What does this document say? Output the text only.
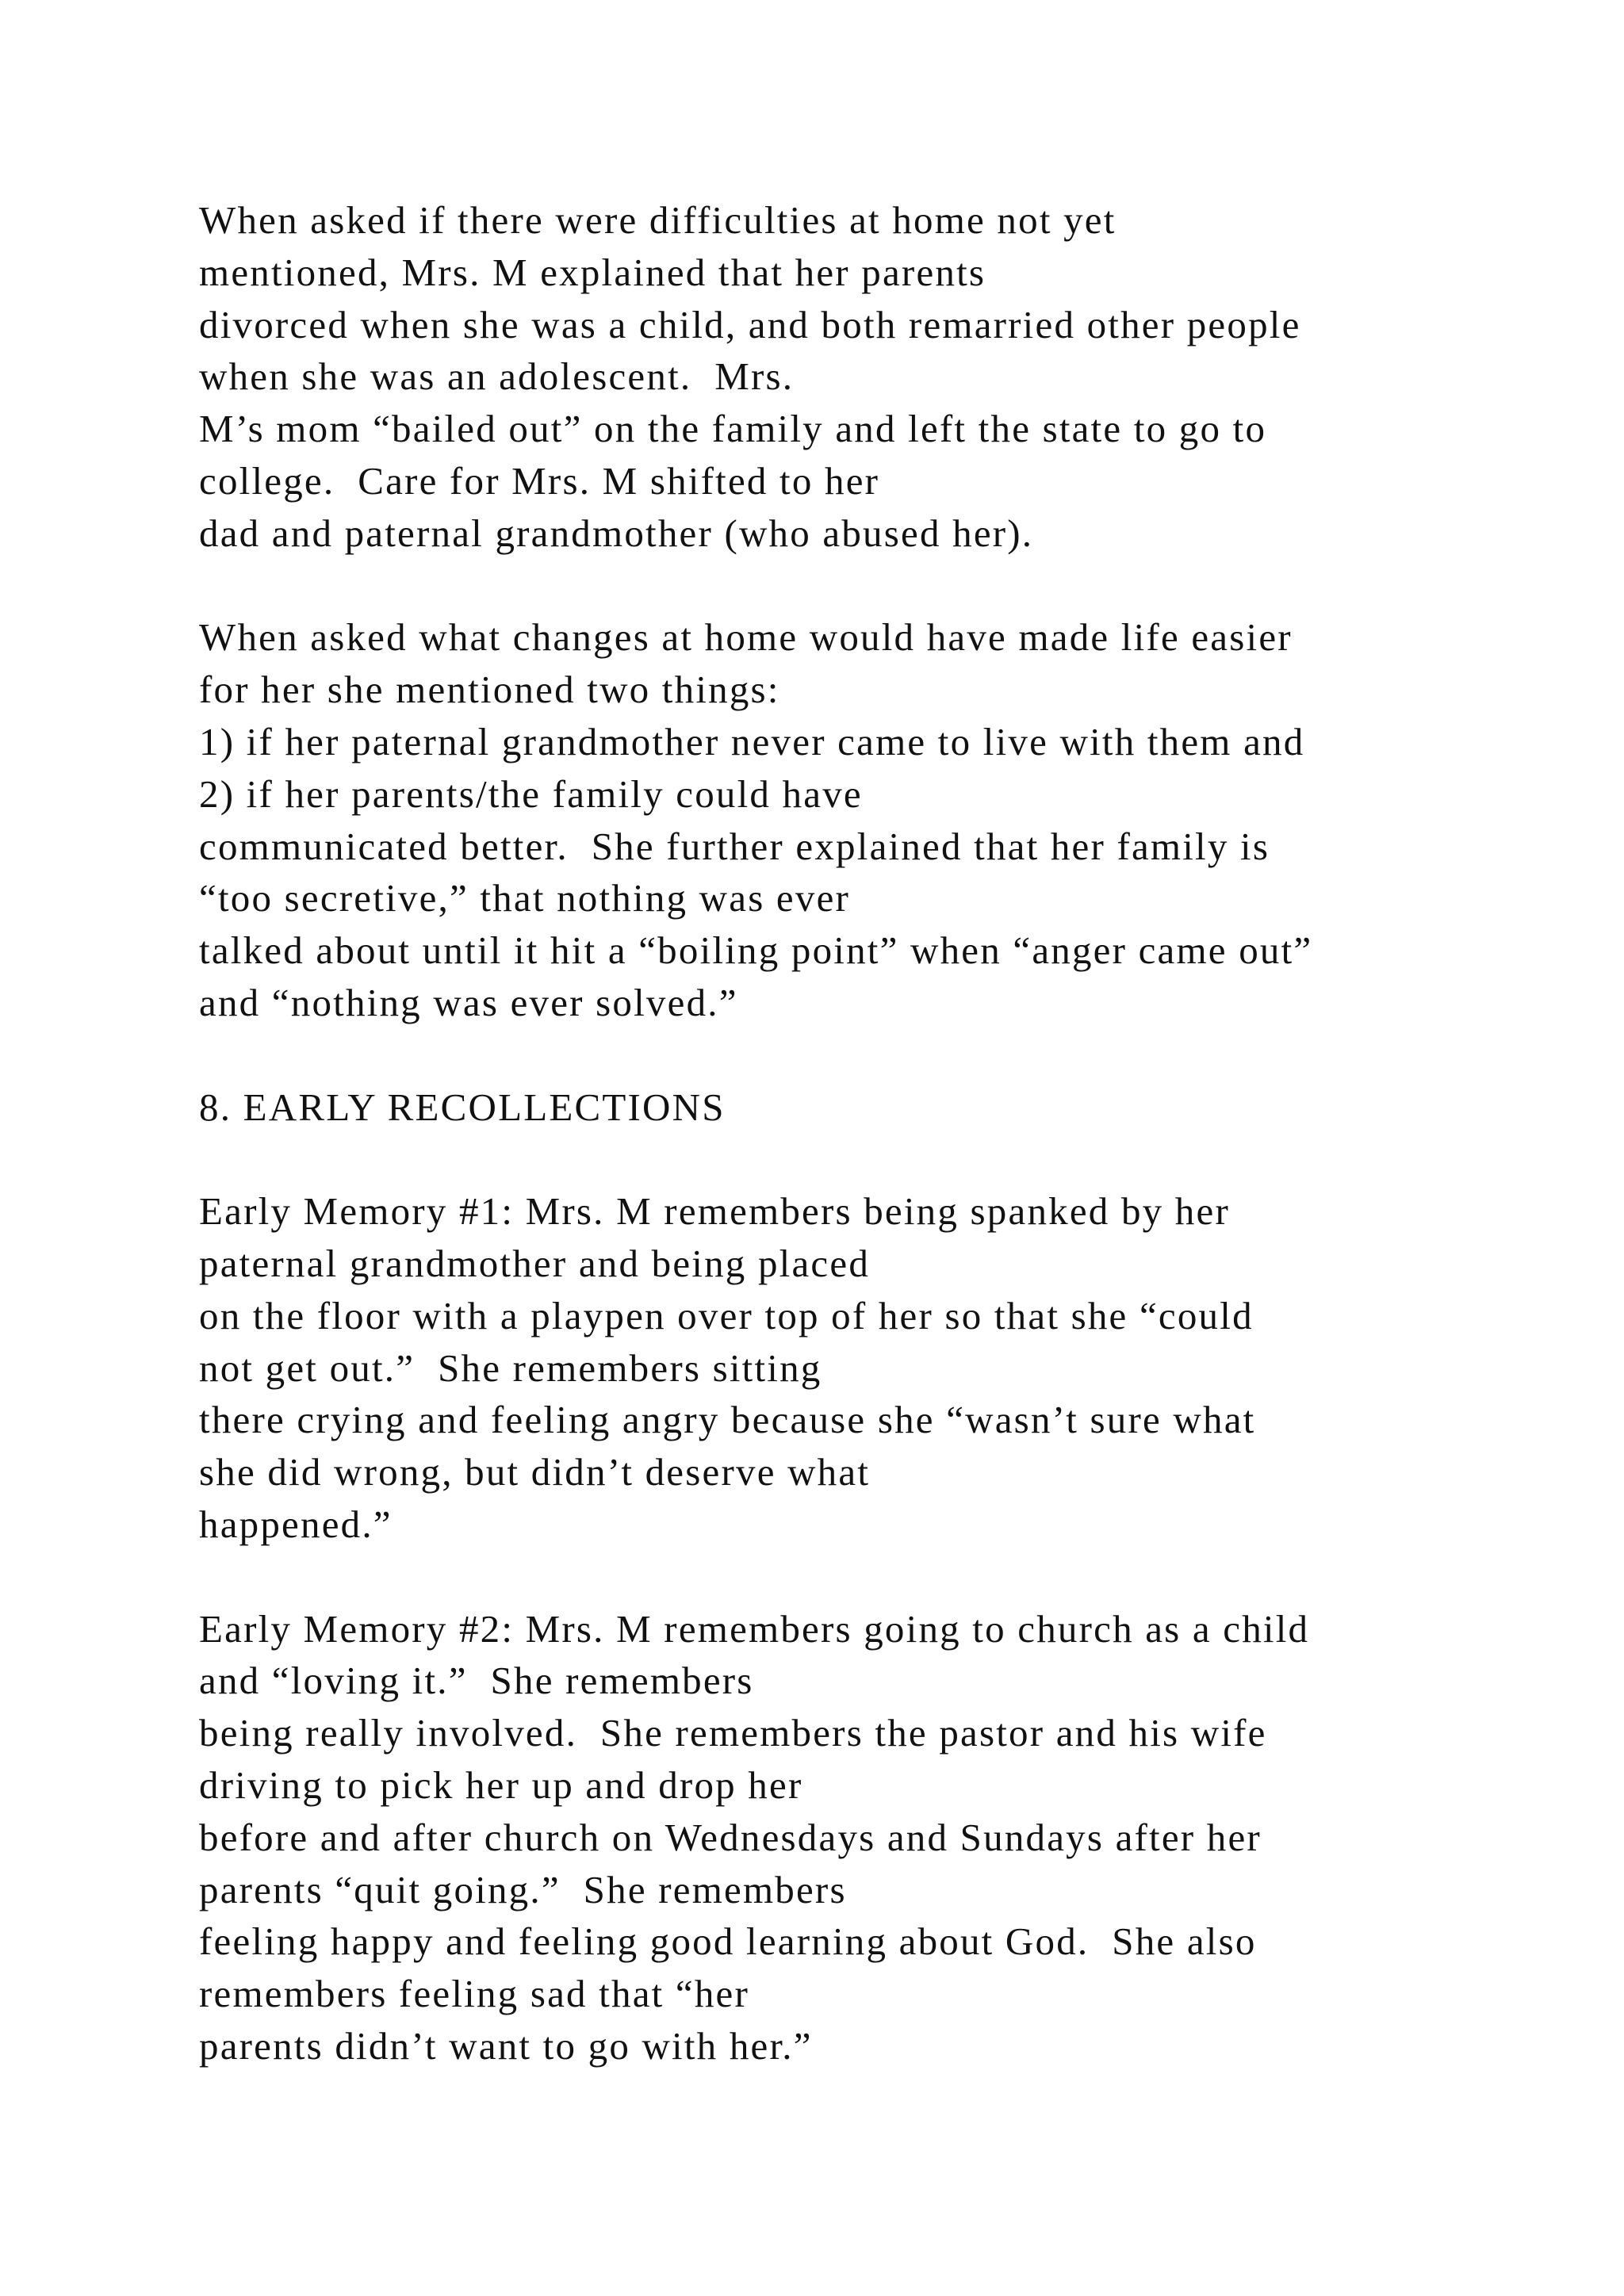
When asked if there were difficulties at home not yet
mentioned, Mrs. M explained that her parents
divorced when she was a child, and both remarried other people
when she was an adolescent.  Mrs.
M’s mom “bailed out” on the family and left the state to go to
college.  Care for Mrs. M shifted to her
dad and paternal grandmother (who abused her).
When asked what changes at home would have made life easier
for her she mentioned two things:
1) if her paternal grandmother never came to live with them and
2) if her parents/the family could have
communicated better.  She further explained that her family is
“too secretive,” that nothing was ever
talked about until it hit a “boiling point” when “anger came out”
and “nothing was ever solved.”
8. EARLY RECOLLECTIONS
Early Memory #1: Mrs. M remembers being spanked by her
paternal grandmother and being placed
on the floor with a playpen over top of her so that she “could
not get out.”  She remembers sitting
there crying and feeling angry because she “wasn’t sure what
she did wrong, but didn’t deserve what
happened.”
Early Memory #2: Mrs. M remembers going to church as a child
and “loving it.”  She remembers
being really involved.  She remembers the pastor and his wife
driving to pick her up and drop her
before and after church on Wednesdays and Sundays after her
parents “quit going.”  She remembers
feeling happy and feeling good learning about God.  She also
remembers feeling sad that “her
parents didn’t want to go with her.”
